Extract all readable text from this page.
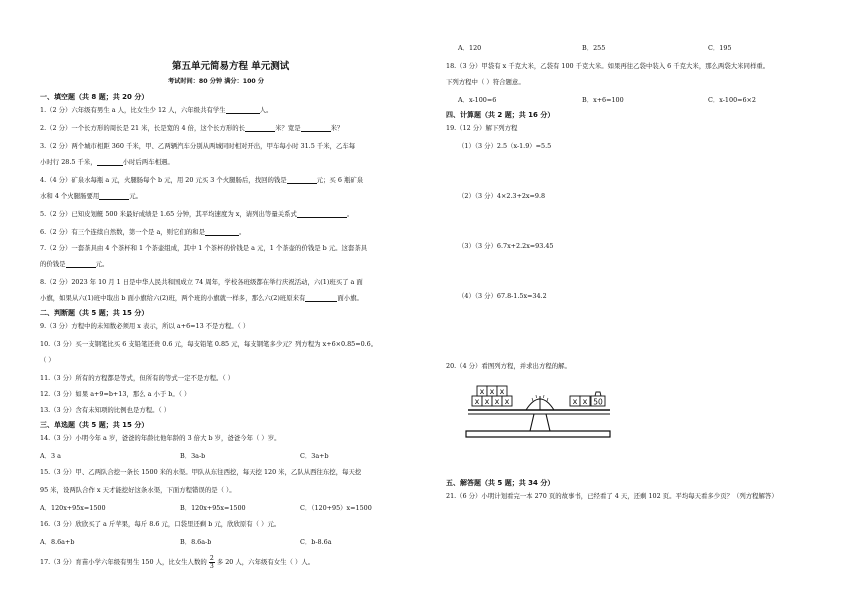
第五单元简易方程 单元测试
考试时间：80 分钟 满分：100 分
一、填空题（共 8 题；共 20 分）
1.（2 分）六年级有男生 a 人，比女生少 12 人，六年级共有学生	人。
2.（2 分）一个长方形的周长是 21 米，长是宽的 4 倍，这个长方形的长	米？宽是	米？
3.（2 分）两个城市相距 360 千米，甲、乙两辆汽车分别从两城同时相对开出，甲车每小时 31.5 千米，乙车每
小时行 28.5 千米，	小时后两车相遇。
4.（4 分）矿泉水每瓶 a 元，火腿肠每个 b 元，用 20 元买 3 个火腿肠后，找回的钱是	元；买 6 瓶矿泉
水和 4 个火腿肠要用	元。
5.（2 分）已知皮划艇 500 米最好成绩是 1.65 分钟，其平均速度为 x，请列出等量关系式	。
6.（2 分）有三个连续自然数，第一个是 a，则它们的和是	。
7.（2 分）一套茶具由 4 个茶杯和 1 个茶壶组成，其中 1 个茶杯的价钱是 a 元，1 个茶壶的价钱是 b 元。这套茶具
的价钱是	元。
8.（2 分）2023 年 10 月 1 日是中华人民共和国成立 74 周年，学校各班级都在举行庆祝活动，六(1)班买了 a 面
小旗，如果从六(1)班中取出 b 面小旗给六(2)班，两个班的小旗就一样多，那么六(2)班原来有	面小旗。
二、判断题（共 5 题；共 15 分）
9.（3 分）方程中的未知数必须用 x 表示，所以 a+6=13 不是方程。（ ）
10.（3 分）买一支钢笔比买 6 支铅笔还贵 0.6 元，每支铅笔 0.85 元，每支钢笔多少元？列方程为 x+6×0.85=0.6。
（ ）
11.（3 分）所有的方程都是等式，但所有的等式一定不是方程。（ ）
12.（3 分）如果 a+9=b+13，那么 a 小于 b。（ ）
13.（3 分）含有未知项的比例也是方程。（ ）
三、单选题（共 5 题；共 15 分）
14.（3 分）小明今年 a 岁，爸爸的年龄比他年龄的 3 倍大 b 岁，爸爸今年（ ）岁。
A．3 a	B．3a-b	C．3a+b
15.（3 分）甲、乙两队合挖一条长 1500 米的水渠。甲队从东往西挖，每天挖 120 米，乙队从西往东挖，每天挖
95 米，设两队合作 x 天才能挖好这条水渠，下面方程错误的是（ ）。
A．120x+95x=1500	B．120x+95x=1500	C．（120+95）x=1500
16.（3 分）欣欣买了 a 斤苹果，每斤 8.6 元，口袋里还剩 b 元，欣欣原有（ ）元。
A．8.6a+b	B．8.6a-b	C．b-8.6a
17.（3 分）育苗小学六年级有男生 150 人，比女生人数的 $\frac{2}{3}$ 多 20 人，六年级有女生（ ）人。
A．120	B．255	C．195
18.（3 分）甲袋有 x 千克大米，乙袋有 100 千克大米。如果再往乙袋中装入 6 千克大米，那么两袋大米同样重。
下列方程中（ ）符合题意。
A．x-100=6	B．x+6=100	C．x-100=6×2
四、计算题（共 2 题；共 16 分）
19.（12 分）解下列方程
（1）（3 分）2.5（x-1.9）=5.5
（2）（3 分）4×2.3+2x=9.8
（3）（3 分）6.7x+2.2x=93.45
（4）（3 分）67.8-1.5x=34.2
20.（4 分）看图列方程，并求出方程的解。
x x x x
x x x
x x 50
五、解答题（共 5 题；共 34 分）
21.（6 分）小明计划看完一本 270 页的故事书，已经看了 4 天，还剩 102 页。平均每天看多少页？（列方程解答）
